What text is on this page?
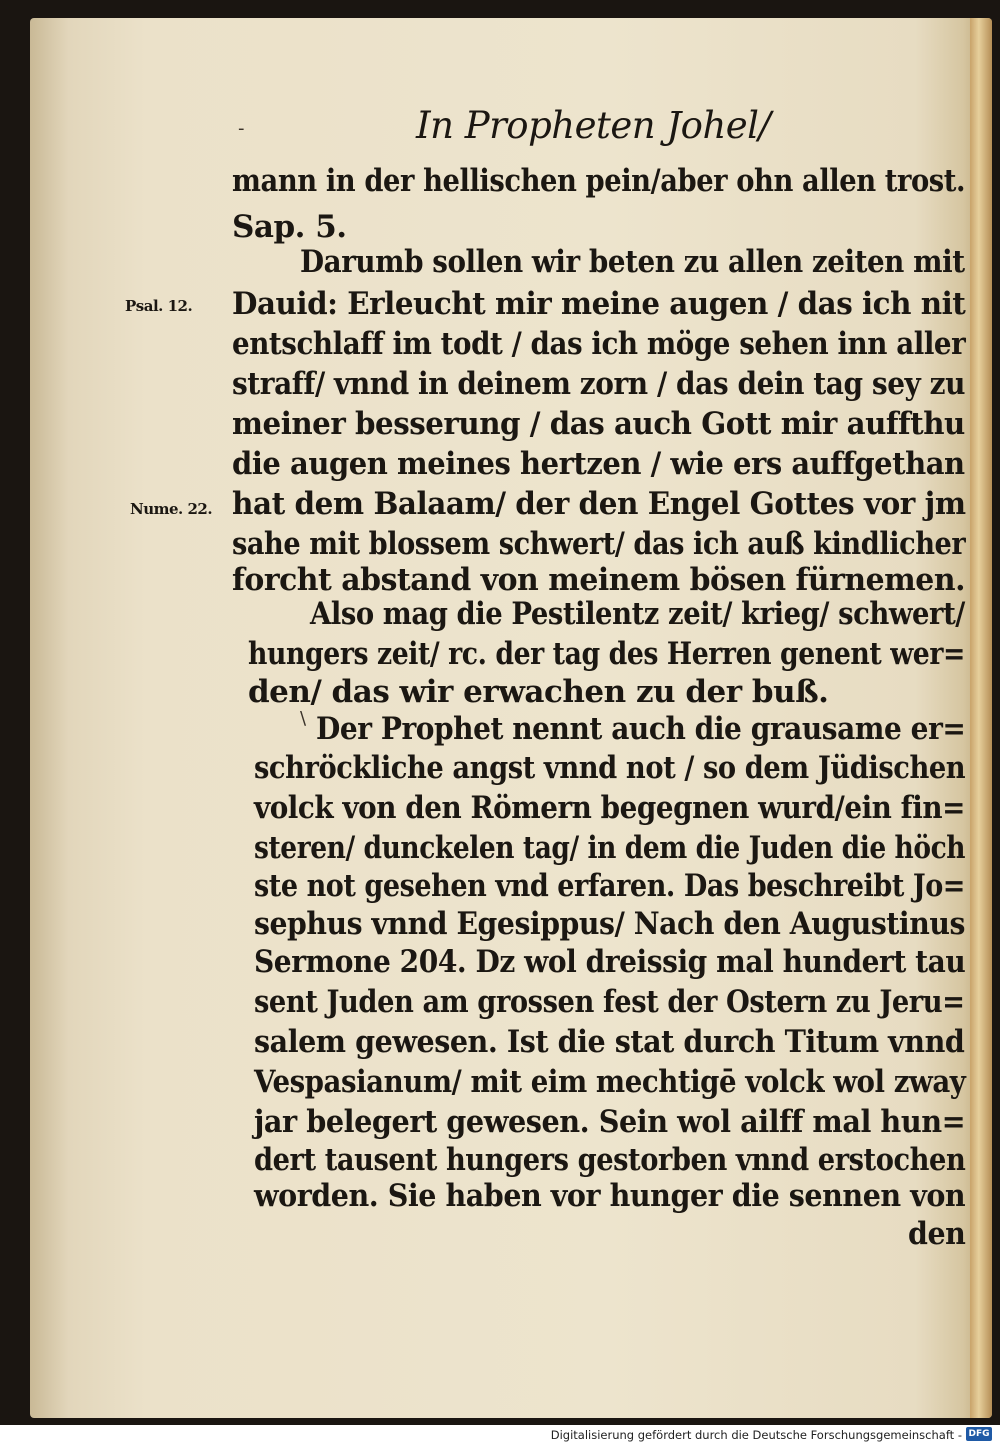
-
\
In Propheten Johel/
Psal. 12.
Nume. 22.
mann in der hellischen pein/aber ohn allen trost.
Sap. 5.
Darumb sollen wir beten zu allen zeiten mit
Dauid: Erleucht mir meine augen / das ich nit
entschlaff im todt / das ich möge sehen inn aller
straff/ vnnd in deinem zorn / das dein tag sey zu
meiner besserung / das auch Gott mir auffthu
die augen meines hertzen / wie ers auffgethan
hat dem Balaam/ der den Engel Gottes vor jm
sahe mit blossem schwert/ das ich auß kindlicher
forcht abstand von meinem bösen fürnemen.
Also mag die Pestilentz zeit/ krieg/ schwert/
hungers zeit/ rc. der tag des Herren genent wer=
den/ das wir erwachen zu der buß.
Der Prophet nennt auch die grausame er=
schröckliche angst vnnd not / so dem Jüdischen
volck von den Römern begegnen wurd/ein fin=
steren/ dunckelen tag/ in dem die Juden die höch
ste not gesehen vnd erfaren. Das beschreibt Jo=
sephus vnnd Egesippus/ Nach den Augustinus
Sermone 204. Dz wol dreissig mal hundert tau
sent Juden am grossen fest der Ostern zu Jeru=
salem gewesen. Ist die stat durch Titum vnnd
Vespasianum/ mit eim mechtigē volck wol zway
jar belegert gewesen. Sein wol ailff mal hun=
dert tausent hungers gestorben vnnd erstochen
worden. Sie haben vor hunger die sennen von
den
Digitalisierung gefördert durch die Deutsche Forschungsgemeinschaft - DFG
